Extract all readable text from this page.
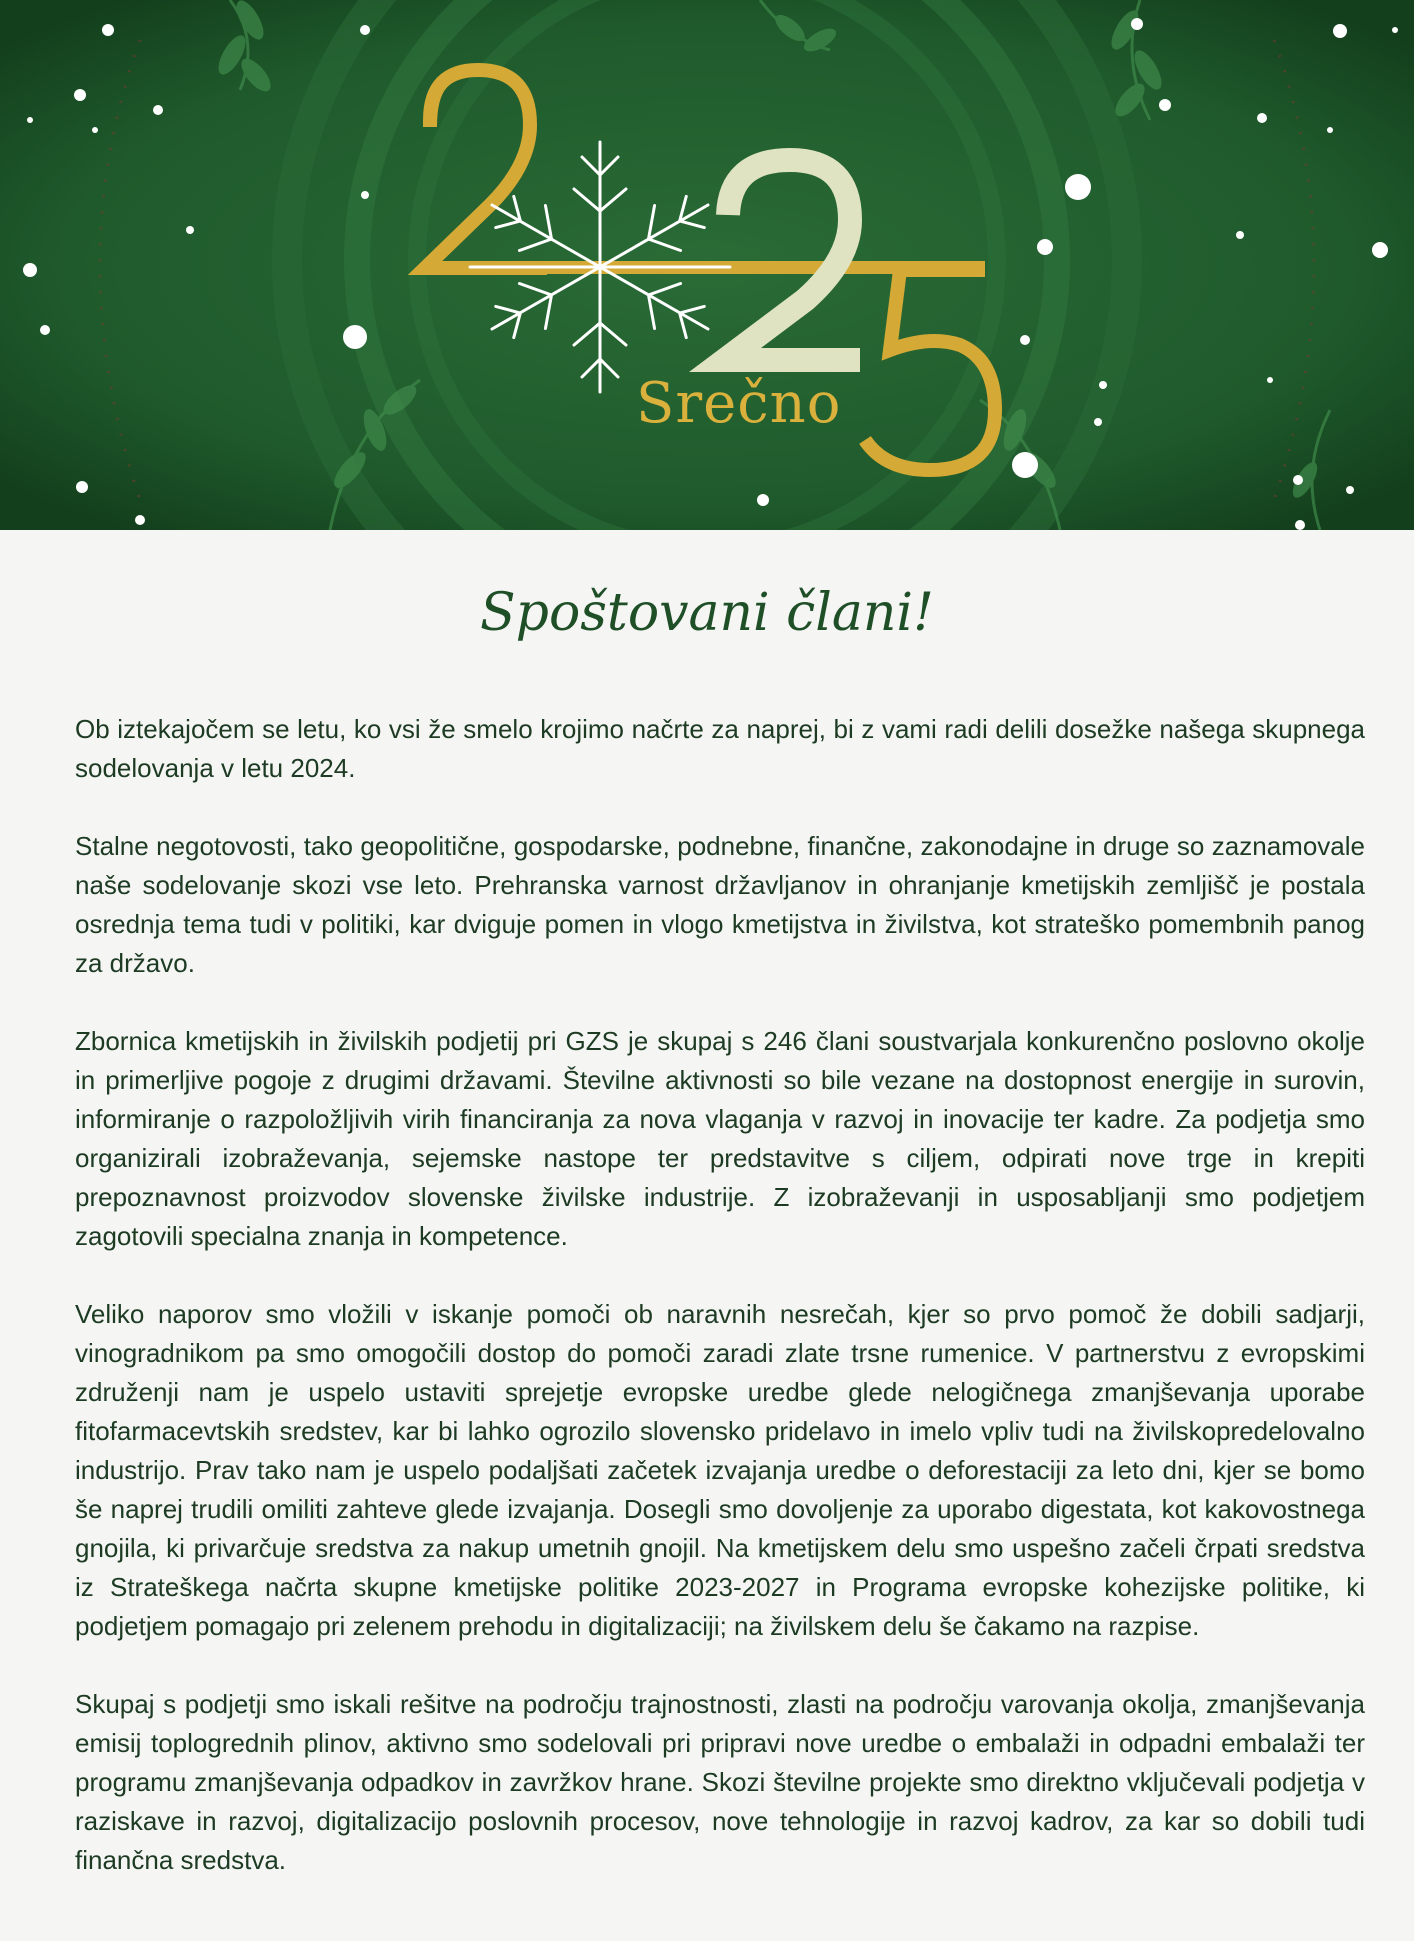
Srečno
Spoštovani člani!

Ob iztekajočem se letu, ko vsi že smelo krojimo načrte za naprej, bi z vami radi delili dosežke našega skupnega sodelovanja v letu 2024.

Stalne negotovosti, tako geopolitične, gospodarske, podnebne, finančne, zakonodajne in druge so zaznamovale naše sodelovanje skozi vse leto. Prehranska varnost državljanov in ohranjanje kmetijskih zemljišč je postala osrednja tema tudi v politiki, kar dviguje pomen in vlogo kmetijstva in živilstva, kot strateško pomembnih panog za državo.

Zbornica kmetijskih in živilskih podjetij pri GZS je skupaj s 246 člani soustvarjala konkurenčno poslovno okolje in primerljive pogoje z drugimi državami. Številne aktivnosti so bile vezane na dostopnost energije in surovin, informiranje o razpoložljivih virih financiranja za nova vlaganja v razvoj in inovacije ter kadre. Za podjetja smo organizirali izobraževanja, sejemske nastope ter predstavitve s ciljem, odpirati nove trge in krepiti prepoznavnost proizvodov slovenske živilske industrije. Z izobraževanji in usposabljanji smo podjetjem zagotovili specialna znanja in kompetence.

Veliko naporov smo vložili v iskanje pomoči ob naravnih nesrečah, kjer so prvo pomoč že dobili sadjarji, vinogradnikom pa smo omogočili dostop do pomoči zaradi zlate trsne rumenice. V partnerstvu z evropskimi združenji nam je uspelo ustaviti sprejetje evropske uredbe glede nelogičnega zmanjševanja uporabe fitofarmacevtskih sredstev, kar bi lahko ogrozilo slovensko pridelavo in imelo vpliv tudi na živilskopredelovalno industrijo. Prav tako nam je uspelo podaljšati začetek izvajanja uredbe o deforestaciji za leto dni, kjer se bomo še naprej trudili omiliti zahteve glede izvajanja. Dosegli smo dovoljenje za uporabo digestata, kot kakovostnega gnojila, ki privarčuje sredstva za nakup umetnih gnojil. Na kmetijskem delu smo uspešno začeli črpati sredstva iz Strateškega načrta skupne kmetijske politike 2023-2027 in Programa evropske kohezijske politike, ki podjetjem pomagajo pri zelenem prehodu in digitalizaciji; na živilskem delu še čakamo na razpise.

Skupaj s podjetji smo iskali rešitve na področju trajnostnosti, zlasti na področju varovanja okolja, zmanjševanja emisij toplogrednih plinov, aktivno smo sodelovali pri pripravi nove uredbe o embalaži in odpadni embalaži ter programu zmanjševanja odpadkov in zavržkov hrane. Skozi številne projekte smo direktno vključevali podjetja v raziskave in razvoj, digitalizacijo poslovnih procesov, nove tehnologije in razvoj kadrov, za kar so dobili tudi finančna sredstva.
